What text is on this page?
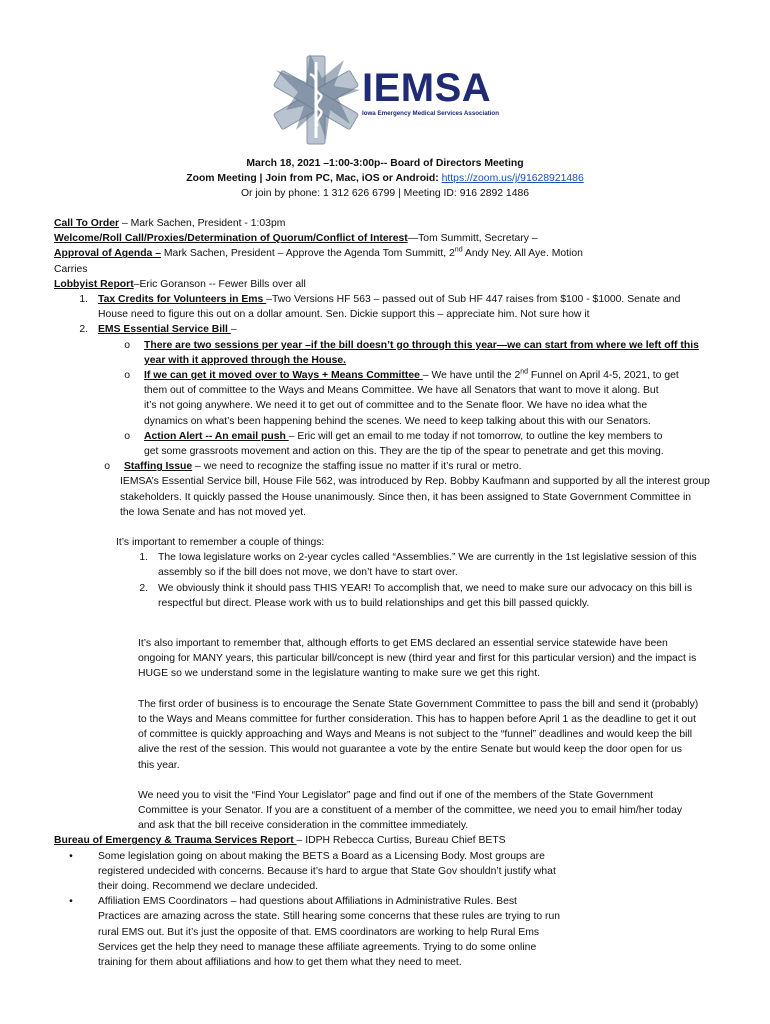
IEMSA
Iowa Emergency Medical Services Association
March 18, 2021 –1:00-3:00p-- Board of Directors Meeting
Zoom Meeting | Join from PC, Mac, iOS or Android: https://zoom.us/j/91628921486
Or join by phone: 1 312 626 6799 | Meeting ID: 916 2892 1486
Call To Order – Mark Sachen, President - 1:03pm
Welcome/Roll Call/Proxies/Determination of Quorum/Conflict of Interest—Tom Summitt, Secretary –
Approval of Agenda – Mark Sachen, President – Approve the Agenda Tom Summitt, 2nd Andy Ney. All Aye. Motion
Carries
Lobbyist Report–Eric Goranson -- Fewer Bills over all
1. Tax Credits for Volunteers in Ems –Two Versions HF 563 – passed out of Sub HF 447 raises from $100 - $1000. Senate and
House need to figure this out on a dollar amount. Sen. Dickie support this – appreciate him. Not sure how it
2. EMS Essential Service Bill –
o	There are two sessions per year –if the bill doesn’t go through this year—we can start from where we left off this
year with it approved through the House.
o	If we can get it moved over to Ways + Means Committee – We have until the 2nd Funnel on April 4-5, 2021, to get
them out of committee to the Ways and Means Committee. We have all Senators that want to move it along. But
it’s not going anywhere. We need it to get out of committee and to the Senate floor. We have no idea what the
dynamics on what’s been happening behind the scenes. We need to keep talking about this with our Senators.
o	Action Alert -- An email push – Eric will get an email to me today if not tomorrow, to outline the key members to
get some grassroots movement and action on this. They are the tip of the spear to penetrate and get this moving.
o	Staffing Issue – we need to recognize the staffing issue no matter if it’s rural or metro.
IEMSA’s Essential Service bill, House File 562, was introduced by Rep. Bobby Kaufmann and supported by all the interest group
stakeholders. It quickly passed the House unanimously. Since then, it has been assigned to State Government Committee in
the Iowa Senate and has not moved yet.
It’s important to remember a couple of things:
1. The Iowa legislature works on 2-year cycles called “Assemblies.” We are currently in the 1st legislative session of this
assembly so if the bill does not move, we don’t have to start over.
2. We obviously think it should pass THIS YEAR! To accomplish that, we need to make sure our advocacy on this bill is
respectful but direct. Please work with us to build relationships and get this bill passed quickly.
It’s also important to remember that, although efforts to get EMS declared an essential service statewide have been
ongoing for MANY years, this particular bill/concept is new (third year and first for this particular version) and the impact is
HUGE so we understand some in the legislature wanting to make sure we get this right.
The first order of business is to encourage the Senate State Government Committee to pass the bill and send it (probably)
to the Ways and Means committee for further consideration. This has to happen before April 1 as the deadline to get it out
of committee is quickly approaching and Ways and Means is not subject to the “funnel” deadlines and would keep the bill
alive the rest of the session. This would not guarantee a vote by the entire Senate but would keep the door open for us
this year.
We need you to visit the “Find Your Legislator” page and find out if one of the members of the State Government
Committee is your Senator. If you are a constituent of a member of the committee, we need you to email him/her today
and ask that the bill receive consideration in the committee immediately.
Bureau of Emergency & Trauma Services Report – IDPH Rebecca Curtiss, Bureau Chief BETS
•	Some legislation going on about making the BETS a Board as a Licensing Body. Most groups are
registered undecided with concerns. Because it’s hard to argue that State Gov shouldn’t justify what
their doing. Recommend we declare undecided.
•	Affiliation EMS Coordinators – had questions about Affiliations in Administrative Rules. Best
Practices are amazing across the state. Still hearing some concerns that these rules are trying to run
rural EMS out. But it’s just the opposite of that. EMS coordinators are working to help Rural Ems
Services get the help they need to manage these affiliate agreements. Trying to do some online
training for them about affiliations and how to get them what they need to meet.
